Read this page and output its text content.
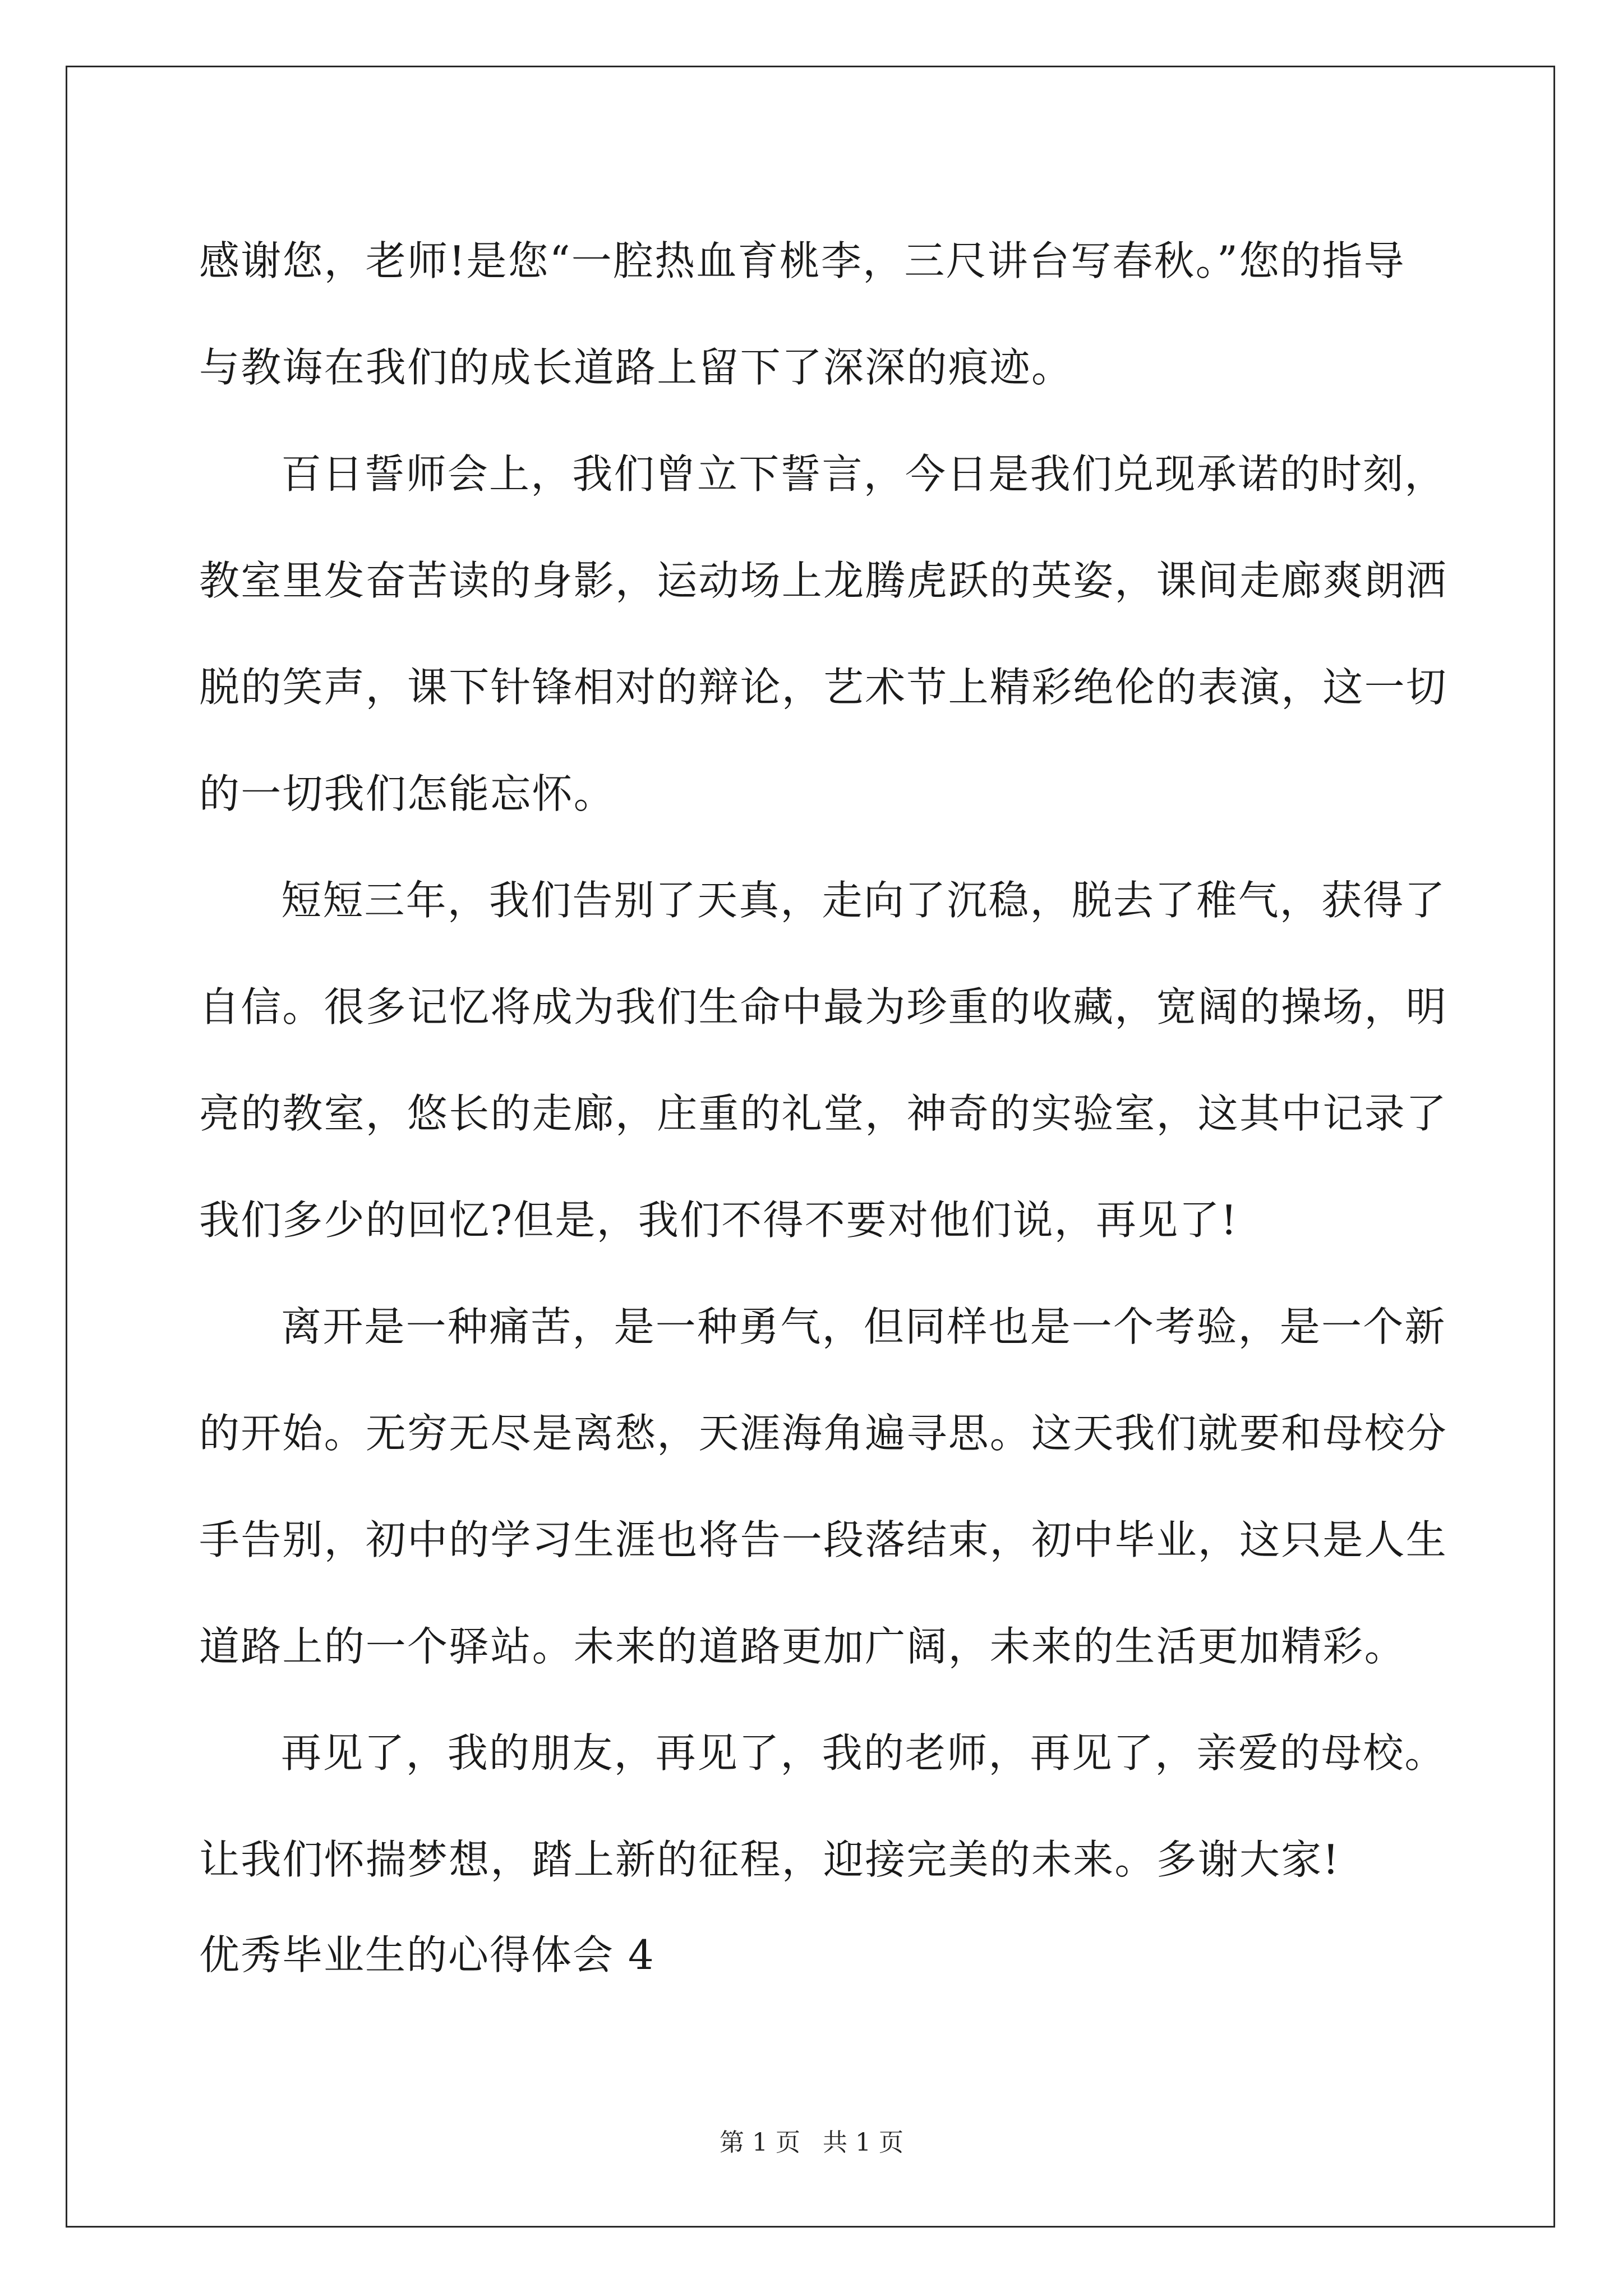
感谢您，老师!是您“一腔热血育桃李，三尺讲台写春秋。”您的指导
与教诲在我们的成长道路上留下了深深的痕迹。
百日誓师会上，我们曾立下誓言，今日是我们兑现承诺的时刻，
教室里发奋苦读的身影，运动场上龙腾虎跃的英姿，课间走廊爽朗洒
脱的笑声，课下针锋相对的辩论，艺术节上精彩绝伦的表演，这一切
的一切我们怎能忘怀。
短短三年，我们告别了天真，走向了沉稳，脱去了稚气，获得了
自信。很多记忆将成为我们生命中最为珍重的收藏，宽阔的操场，明
亮的教室，悠长的走廊，庄重的礼堂，神奇的实验室，这其中记录了
我们多少的回忆?但是，我们不得不要对他们说，再见了!
离开是一种痛苦，是一种勇气，但同样也是一个考验，是一个新
的开始。无穷无尽是离愁，天涯海角遍寻思。这天我们就要和母校分
手告别，初中的学习生涯也将告一段落结束，初中毕业，这只是人生
道路上的一个驿站。未来的道路更加广阔，未来的生活更加精彩。
再见了，我的朋友，再见了，我的老师，再见了，亲爱的母校。
让我们怀揣梦想，踏上新的征程，迎接完美的未来。多谢大家!
优秀毕业生的心得体会 4
第 1 页 共 1 页
